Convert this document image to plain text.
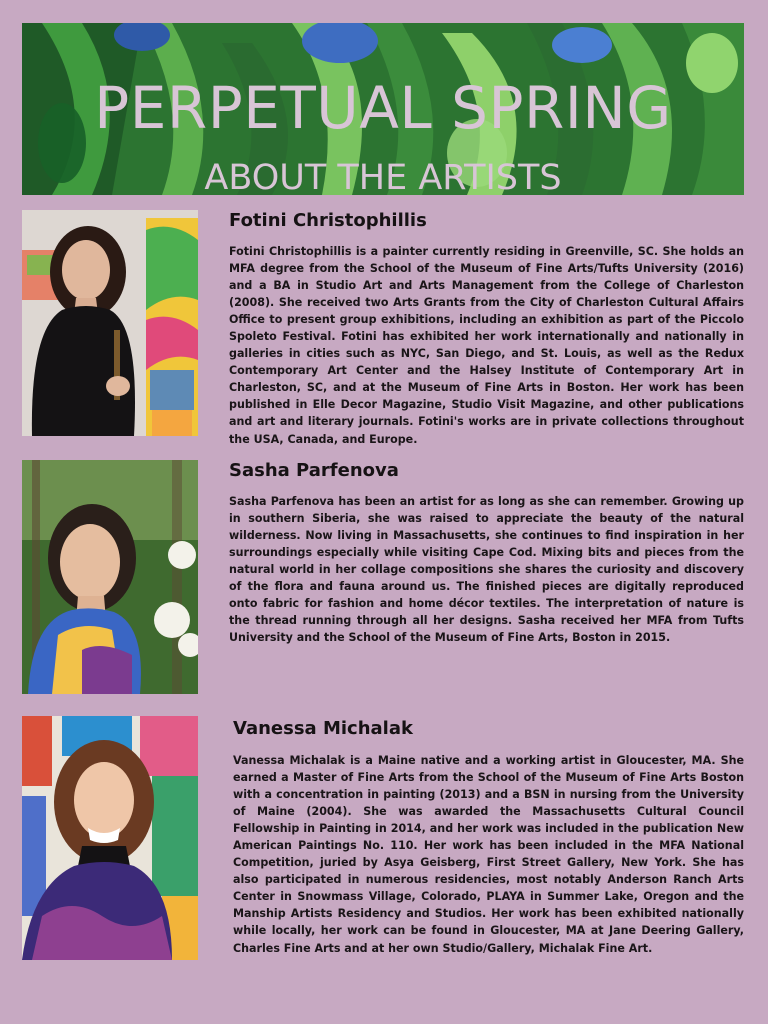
PERPETUAL SPRING
ABOUT THE ARTISTS
Fotini Christophillis
Fotini Christophillis is a painter currently residing in Greenville, SC. She holds an MFA degree from the School of the Museum of Fine Arts/Tufts University (2016) and a BA in Studio Art and Arts Management from the College of Charleston (2008). She received two Arts Grants from the City of Charleston Cultural Affairs Office to present group exhibitions, including an exhibition as part of the Piccolo Spoleto Festival. Fotini has exhibited her work internationally and nationally in galleries in cities such as NYC, San Diego, and St. Louis, as well as the Redux Contemporary Art Center and the Halsey Institute of Contemporary Art in Charleston, SC, and at the Museum of Fine Arts in Boston. Her work has been published in Elle Decor Magazine, Studio Visit Magazine, and other publications and art and literary journals. Fotini's works are in private collections throughout the USA, Canada, and Europe.
Sasha Parfenova
Sasha Parfenova has been an artist for as long as she can remember. Growing up in southern Siberia, she was raised to appreciate the beauty of the natural wilderness. Now living in Massachusetts, she continues to find inspiration in her surroundings especially while visiting Cape Cod. Mixing bits and pieces from the natural world in her collage compositions she shares the curiosity and discovery of the flora and fauna around us. The finished pieces are digitally reproduced onto fabric for fashion and home décor textiles. The interpretation of nature is the thread running through all her designs. Sasha received her MFA from Tufts University and the School of the Museum of Fine Arts, Boston in 2015.
Vanessa Michalak
Vanessa Michalak is a Maine native and a working artist in Gloucester, MA. She earned a Master of Fine Arts from the School of the Museum of Fine Arts Boston with a concentration in painting (2013) and a BSN in nursing from the University of Maine (2004). She was awarded the Massachusetts Cultural Council Fellowship in Painting in 2014, and her work was included in the publication New American Paintings No. 110. Her work has been included in the MFA National Competition, juried by Asya Geisberg, First Street Gallery, New York. She has also participated in numerous residencies, most notably Anderson Ranch Arts Center in Snowmass Village, Colorado, PLAYA in Summer Lake, Oregon and the Manship Artists Residency and Studios. Her work has been exhibited nationally while locally, her work can be found in Gloucester, MA at Jane Deering Gallery, Charles Fine Arts and at her own Studio/Gallery, Michalak Fine Art.
